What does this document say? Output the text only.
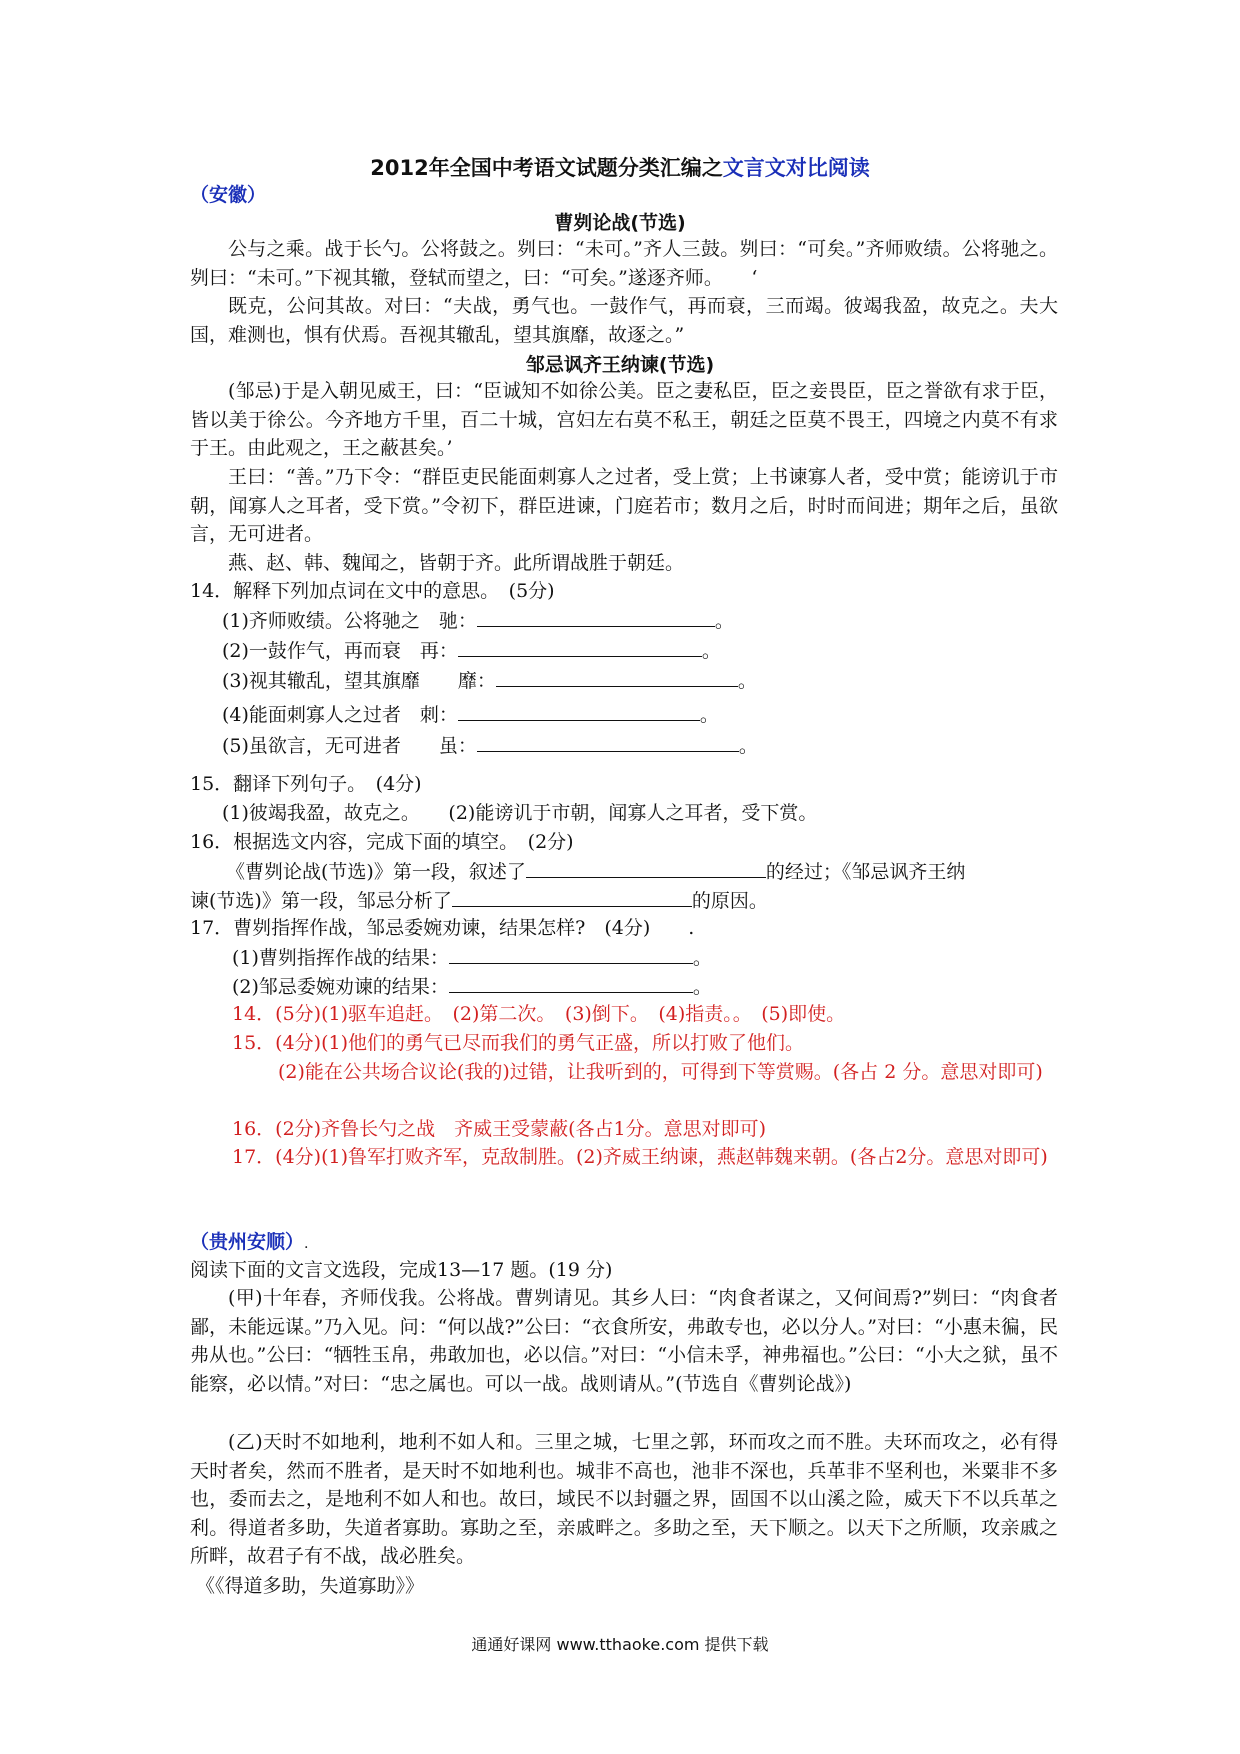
2012年全国中考语文试题分类汇编之文言文对比阅读
（安徽）
曹刿论战(节选)
公与之乘。战于长勺。公将鼓之。刿曰：“未可。”齐人三鼓。刿曰：“可矣。”齐师败绩。公将驰之。刿曰：“未可。”下视其辙，登轼而望之，曰：“可矣。”遂逐齐师。　　‘
既克，公问其故。对曰：“夫战，勇气也。一鼓作气，再而衰，三而竭。彼竭我盈，故克之。夫大国，难测也，惧有伏焉。吾视其辙乱，望其旗靡，故逐之。”
邹忌讽齐王纳谏(节选)
(邹忌)于是入朝见威王，曰：“臣诚知不如徐公美。臣之妻私臣，臣之妾畏臣，臣之誉欲有求于臣，皆以美于徐公。今齐地方千里，百二十城，宫妇左右莫不私王，朝廷之臣莫不畏王，四境之内莫不有求于王。由此观之，王之蔽甚矣。’
王曰：“善。”乃下令：“群臣吏民能面刺寡人之过者，受上赏；上书谏寡人者，受中赏；能谤讥于市朝，闻寡人之耳者，受下赏。”令初下，群臣进谏，门庭若市；数月之后，时时而间进；期年之后，虽欲言，无可进者。
燕、赵、韩、魏闻之，皆朝于齐。此所谓战胜于朝廷。
14．解释下列加点词在文中的意思。　(5分)
(1)齐师败绩。公将驰之　驰：	。
(2)一鼓作气，再而衰　再：	。
(3)视其辙乱，望其旗靡　　靡：	。
(4)能面刺寡人之过者　刺：	。
(5)虽欲言，无可进者　　虽：	。
15．翻译下列句子。　(4分)
(1)彼竭我盈，故克之。　　(2)能谤讥于市朝，闻寡人之耳者，受下赏。
16．根据选文内容，完成下面的填空。　(2分)
《曹刿论战(节选)》第一段，叙述了	的经过；《邹忌讽齐王纳
谏(节选)》第一段，邹忌分析了	的原因。
17．曹刿指挥作战，邹忌委婉劝谏，结果怎样?　(4分)　　.
(1)曹刿指挥作战的结果：	。
(2)邹忌委婉劝谏的结果：	。
14．(5分)(1)驱车追赶。　(2)第二次。　(3)倒下。　(4)指责。。　(5)即使。
15．(4分)(1)他们的勇气已尽而我们的勇气正盛，所以打败了他们。
(2)能在公共场合议论(我的)过错，让我听到的，可得到下等赏赐。(各占 2 分。意思对即可)
16．(2分)齐鲁长勺之战　齐威王受蒙蔽(各占1分。意思对即可)
17．(4分)(1)鲁军打败齐军，克敌制胜。(2)齐威王纳谏，燕赵韩魏来朝。(各占2分。意思对即可)
（贵州安顺）.
阅读下面的文言文选段，完成13—17 题。(19 分)
(甲)十年春，齐师伐我。公将战。曹刿请见。其乡人曰：“肉食者谋之，又何间焉?”刿曰：“肉食者鄙，未能远谋。”乃入见。问：“何以战?”公曰：“衣食所安，弗敢专也，必以分人。”对曰：“小惠未徧，民弗从也。”公曰：“牺牲玉帛，弗敢加也，必以信。”对曰：“小信未孚，神弗福也。”公曰：“小大之狱，虽不能察，必以情。”对曰：“忠之属也。可以一战。战则请从。”(节选自《曹刿论战》)
(乙)天时不如地利，地利不如人和。三里之城，七里之郭，环而攻之而不胜。夫环而攻之，必有得天时者矣，然而不胜者，是天时不如地利也。城非不高也，池非不深也，兵革非不坚利也，米粟非不多也，委而去之，是地利不如人和也。故曰，域民不以封疆之界，固国不以山溪之险，威天下不以兵革之利。得道者多助，失道者寡助。寡助之至，亲戚畔之。多助之至，天下顺之。以天下之所顺，攻亲戚之所畔，故君子有不战，战必胜矣。
《《得道多助，失道寡助》》
通通好课网 www.tthaoke.com 提供下载
